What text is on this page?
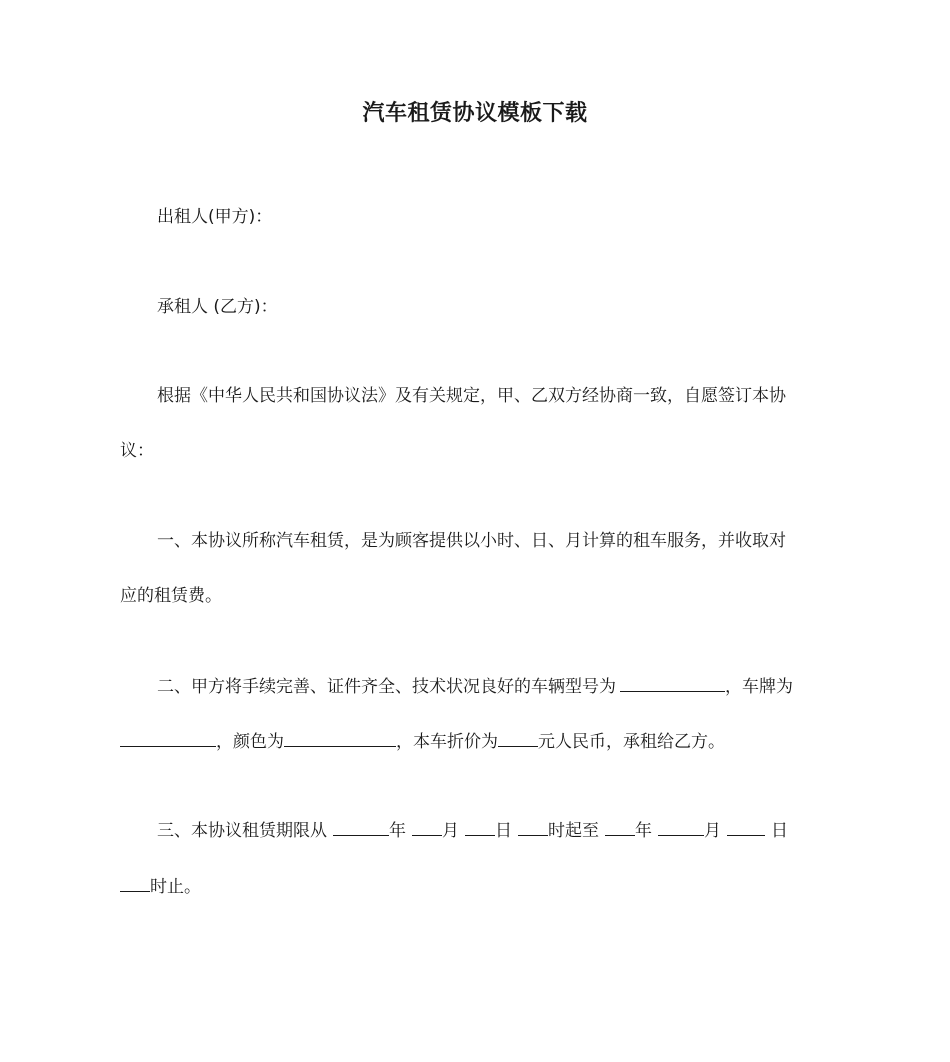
汽车租赁协议模板下载
出租人(甲方)：
承租人 (乙方)：
根据《中华人民共和国协议法》及有关规定，甲、乙双方经协商一致，自愿签订本协
议：
一、本协议所称汽车租赁，是为顾客提供以小时、日、月计算的租车服务，并收取对
应的租赁费。
二、甲方将手续完善、证件齐全、技术状况良好的车辆型号为	，车牌为
，颜色为	，本车折价为 元人民币，承租给乙方。
三、本协议租赁期限从	年 月 日 时起至 年	月	日
时止。
